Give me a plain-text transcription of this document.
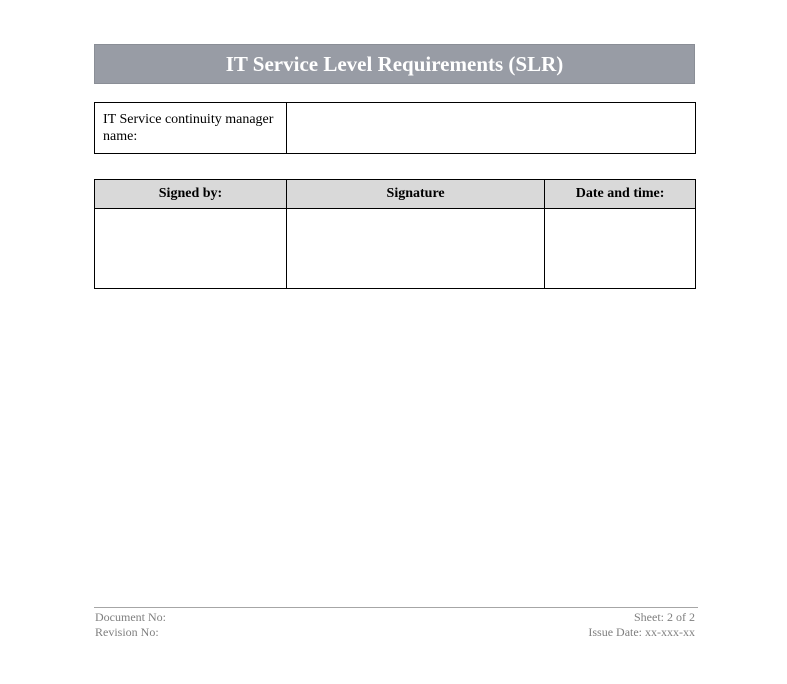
IT Service Level Requirements (SLR)
IT Service continuity manager name:	
Signed by:	Signature	Date and time:

Document No:
Revision No:
Sheet: 2 of 2
Issue Date: xx-xxx-xx
